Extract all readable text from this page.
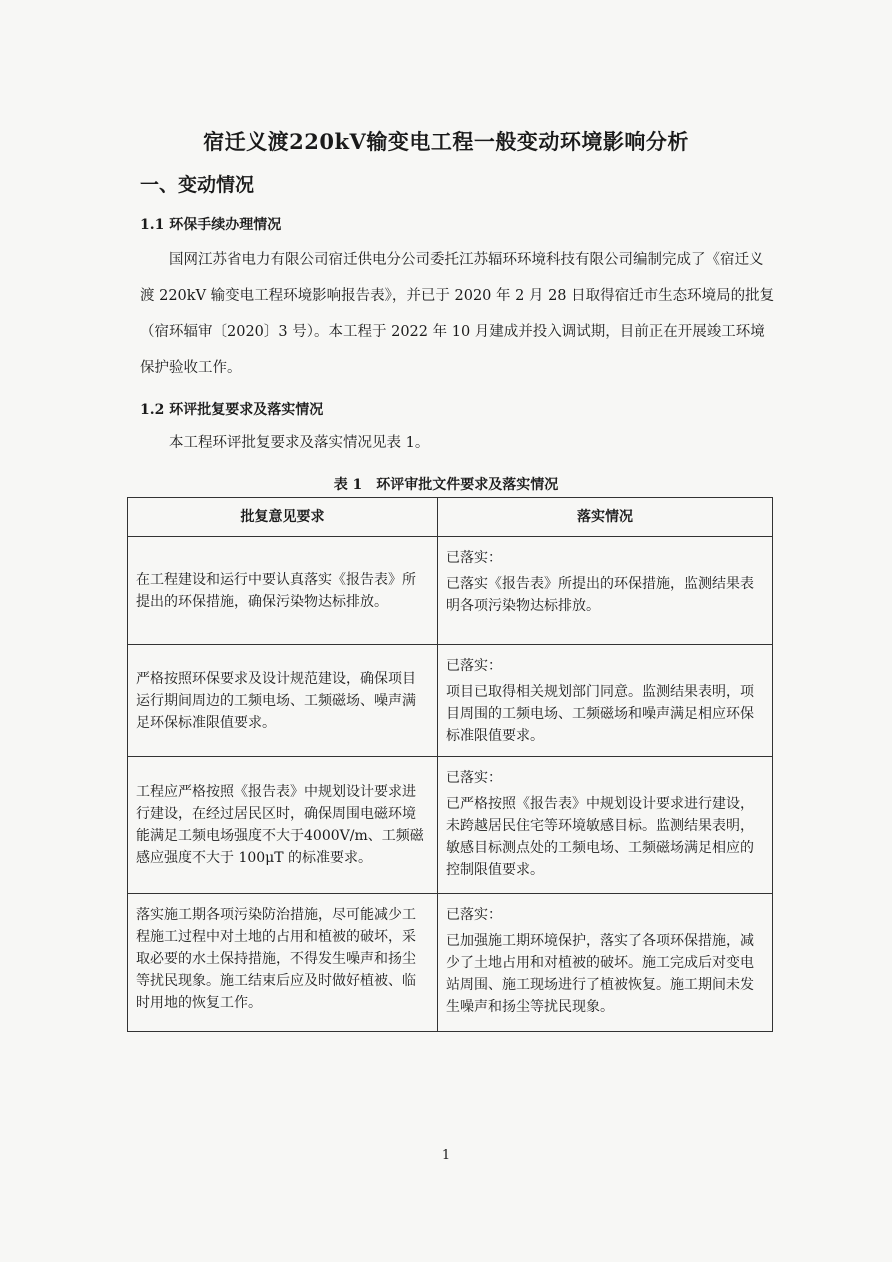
宿迁义渡220kV输变电工程一般变动环境影响分析
一、变动情况
1.1 环保手续办理情况
国网江苏省电力有限公司宿迁供电分公司委托江苏辐环环境科技有限公司编制完成了《宿迁义渡 220kV 输变电工程环境影响报告表》，并已于 2020 年 2 月 28 日取得宿迁市生态环境局的批复（宿环辐审〔2020〕3 号）。本工程于 2022 年 10 月建成并投入调试期，目前正在开展竣工环境保护验收工作。
1.2 环评批复要求及落实情况
本工程环评批复要求及落实情况见表 1。
表 1　环评审批文件要求及落实情况
批复意见要求	落实情况
在工程建设和运行中要认真落实《报告表》所提出的环保措施，确保污染物达标排放。	已落实：
已落实《报告表》所提出的环保措施，监测结果表明各项污染物达标排放。
严格按照环保要求及设计规范建设，确保项目运行期间周边的工频电场、工频磁场、噪声满足环保标准限值要求。	已落实：
项目已取得相关规划部门同意。监测结果表明，项目周围的工频电场、工频磁场和噪声满足相应环保标准限值要求。
工程应严格按照《报告表》中规划设计要求进行建设，在经过居民区时，确保周围电磁环境能满足工频电场强度不大于4000V/m、工频磁感应强度不大于 100μT 的标准要求。	已落实：
已严格按照《报告表》中规划设计要求进行建设，未跨越居民住宅等环境敏感目标。监测结果表明，敏感目标测点处的工频电场、工频磁场满足相应的控制限值要求。
落实施工期各项污染防治措施，尽可能减少工程施工过程中对土地的占用和植被的破坏，采取必要的水土保持措施，不得发生噪声和扬尘等扰民现象。施工结束后应及时做好植被、临时用地的恢复工作。	已落实：
已加强施工期环境保护，落实了各项环保措施，减少了土地占用和对植被的破坏。施工完成后对变电站周围、施工现场进行了植被恢复。施工期间未发生噪声和扬尘等扰民现象。
1
